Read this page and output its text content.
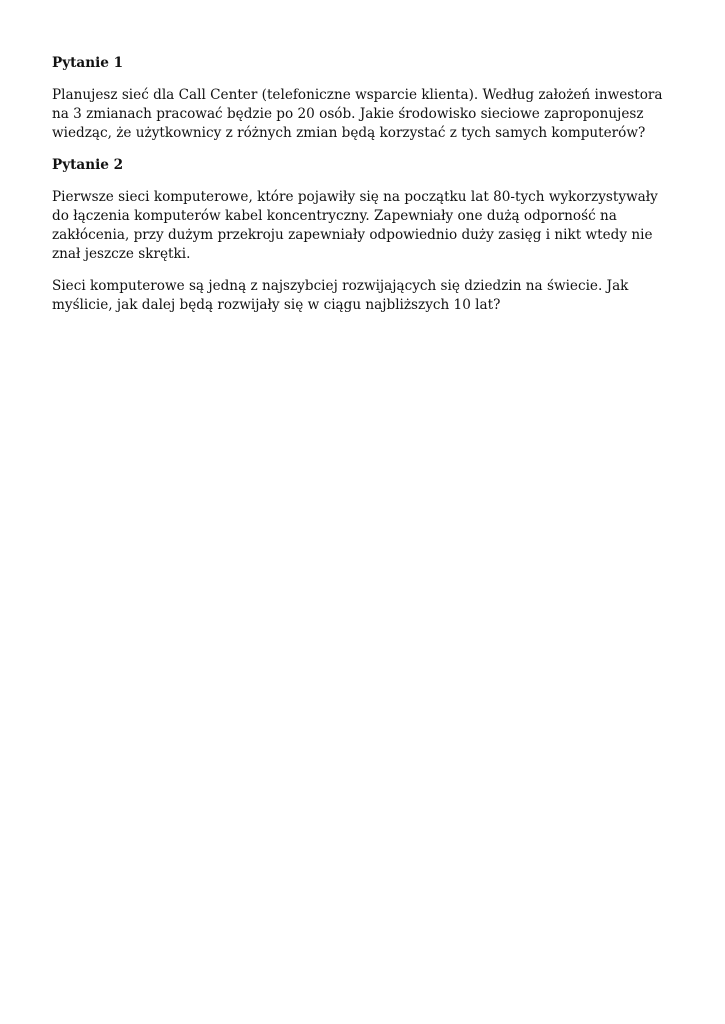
Pytanie 1

Planujesz sieć dla Call Center (telefoniczne wsparcie klienta). Według założeń inwestora na 3 zmianach pracować będzie po 20 osób. Jakie środowisko sieciowe zaproponujesz wiedząc, że użytkownicy z różnych zmian będą korzystać z tych samych komputerów?

Pytanie 2

Pierwsze sieci komputerowe, które pojawiły się na początku lat 80-tych wykorzystywały do łączenia komputerów kabel koncentryczny. Zapewniały one dużą odporność na zakłócenia, przy dużym przekroju zapewniały odpowiednio duży zasięg i nikt wtedy nie znał jeszcze skrętki.

Sieci komputerowe są jedną z najszybciej rozwijających się dziedzin na świecie. Jak myślicie, jak dalej będą rozwijały się w ciągu najbliższych 10 lat?
